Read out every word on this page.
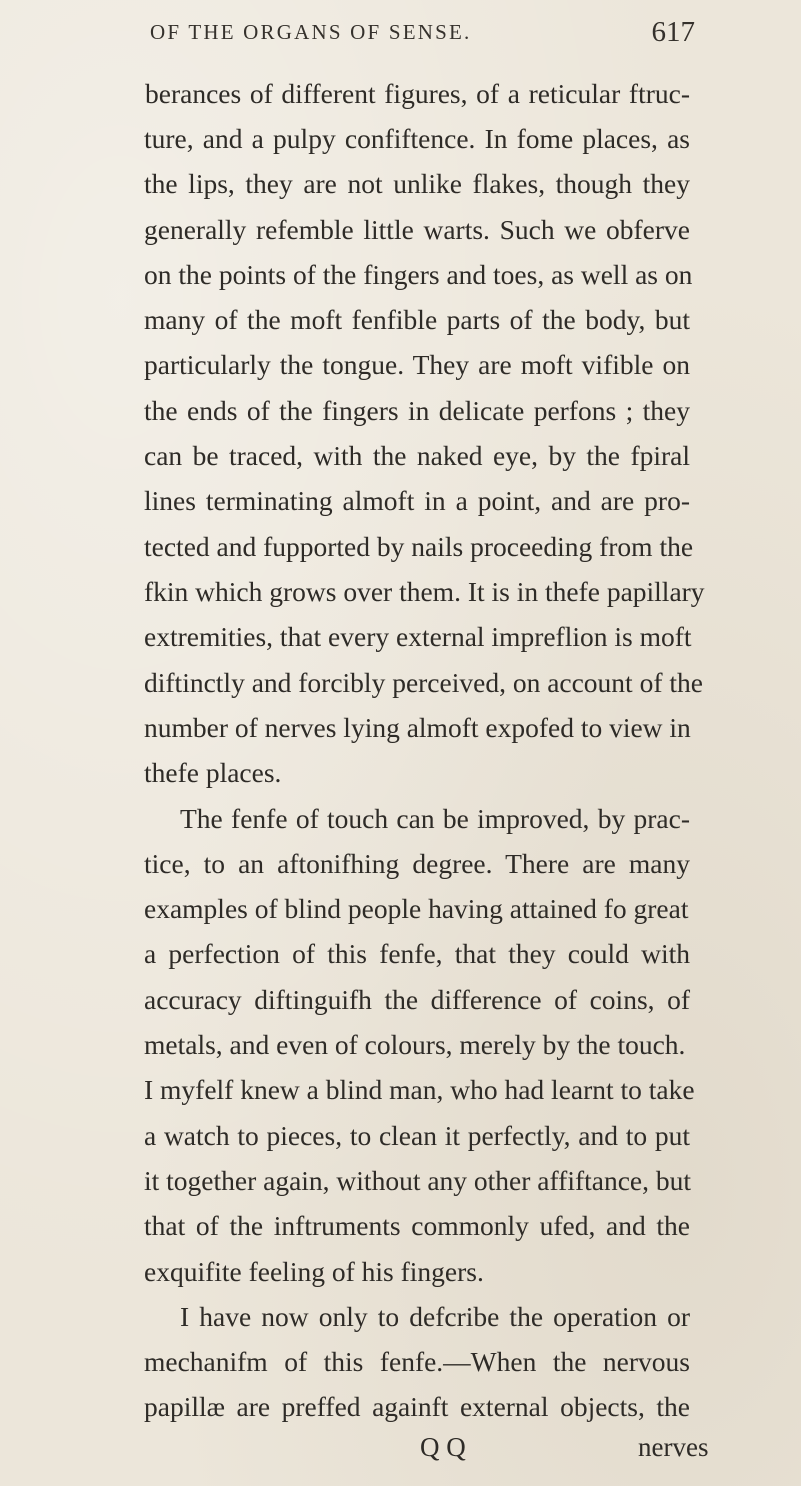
OF THE ORGANS OF SENSE.	617
berances of different figures, of a reticular ftruc-
ture, and a pulpy confiftence. In fome places, as
the lips, they are not unlike flakes, though they
generally refemble little warts. Such we obferve
on the points of the fingers and toes, as well as on
many of the moft fenfible parts of the body, but
particularly the tongue. They are moft vifible on
the ends of the fingers in delicate perfons ; they
can be traced, with the naked eye, by the fpiral
lines terminating almoft in a point, and are pro-
tected and fupported by nails proceeding from the
fkin which grows over them. It is in thefe papillary
extremities, that every external impreflion is moft
diftinctly and forcibly perceived, on account of the
number of nerves lying almoft expofed to view in
thefe places.
The fenfe of touch can be improved, by prac-
tice, to an aftonifhing degree. There are many
examples of blind people having attained fo great
a perfection of this fenfe, that they could with
accuracy diftinguifh the difference of coins, of
metals, and even of colours, merely by the touch.
I myfelf knew a blind man, who had learnt to take
a watch to pieces, to clean it perfectly, and to put
it together again, without any other affiftance, but
that of the inftruments commonly ufed, and the
exquifite feeling of his fingers.
I have now only to defcribe the operation or
mechanifm of this fenfe.—When the nervous
papillæ are preffed againft external objects, the
Q Q	nerves
